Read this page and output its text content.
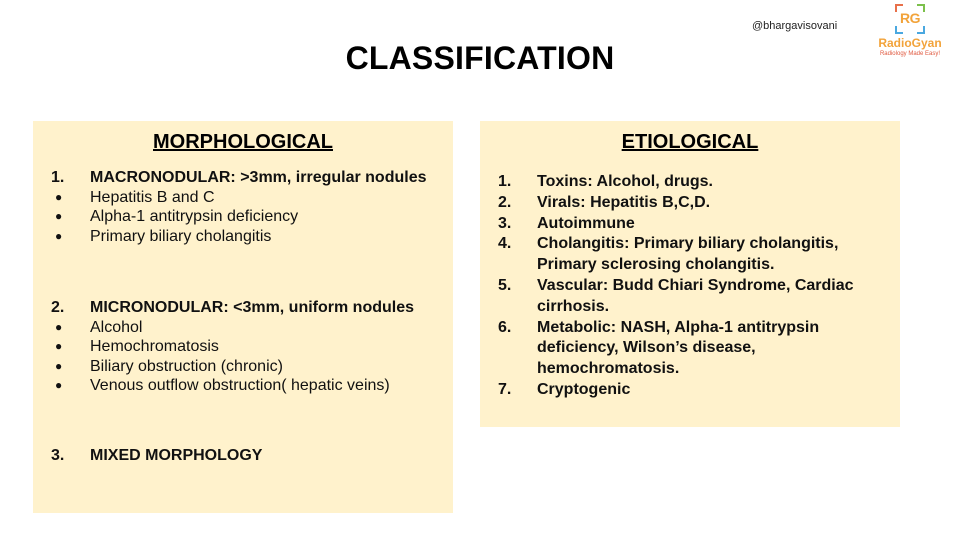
@bhargavisovani	RG
RadioGyan
Radiology Made Easy!
CLASSIFICATION
MORPHOLOGICAL
1. MACRONODULAR: >3mm, irregular nodules
● Hepatitis B and C
● Alpha-1 antitrypsin deficiency
● Primary biliary cholangitis
2. MICRONODULAR: <3mm, uniform nodules
● Alcohol
● Hemochromatosis
● Biliary obstruction (chronic)
● Venous outflow obstruction( hepatic veins)
3. MIXED MORPHOLOGY
ETIOLOGICAL
1. Toxins: Alcohol, drugs.
2. Virals: Hepatitis B,C,D.
3. Autoimmune
4. Cholangitis: Primary biliary cholangitis, Primary sclerosing cholangitis.
5. Vascular: Budd Chiari Syndrome, Cardiac cirrhosis.
6. Metabolic: NASH, Alpha-1 antitrypsin deficiency, Wilson’s disease, hemochromatosis.
7. Cryptogenic
